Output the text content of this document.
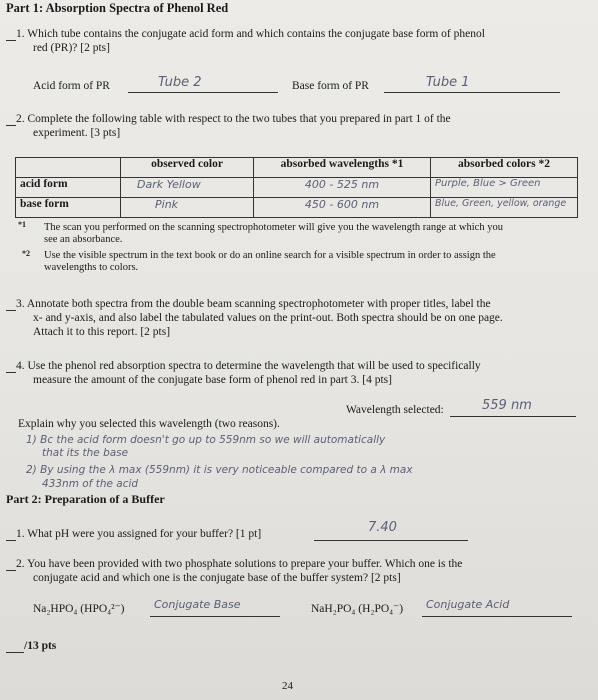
Part 1: Absorption Spectra of Phenol Red
1. Which tube contains the conjugate acid form and which contains the conjugate base form of phenol
red (PR)? [2 pts]
Acid form of PR	Tube 2	Base form of PR	Tube 1
2. Complete the following table with respect to the two tubes that you prepared in part 1 of the
experiment. [3 pts]
	observed color	absorbed wavelengths *1	absorbed colors *2
acid form	Dark Yellow	400 - 525 nm	Purple, Blue > Green
base form	Pink	450 - 600 nm	Blue, Green, yellow, orange
*1 The scan you performed on the scanning spectrophotometer will give you the wavelength range at which you
see an absorbance.
*2 Use the visible spectrum in the text book or do an online search for a visible spectrum in order to assign the
wavelengths to colors.
3. Annotate both spectra from the double beam scanning spectrophotometer with proper titles, label the
x- and y-axis, and also label the tabulated values on the print-out. Both spectra should be on one page.
Attach it to this report. [2 pts]
4. Use the phenol red absorption spectra to determine the wavelength that will be used to specifically
measure the amount of the conjugate base form of phenol red in part 3. [4 pts]
Wavelength selected:	559 nm
Explain why you selected this wavelength (two reasons).
1) Bc the acid form doesn't go up to 559nm so we will automatically
that its the base
2) By using the λ max (559nm) it is very noticeable compared to a λ max
433nm of the acid
Part 2: Preparation of a Buffer
1. What pH were you assigned for your buffer? [1 pt]	7.40
2. You have been provided with two phosphate solutions to prepare your buffer. Which one is the
conjugate acid and which one is the conjugate base of the buffer system? [2 pts]
Na₂HPO₄ (HPO₄²⁻)	Conjugate Base	NaH₂PO₄ (H₂PO₄⁻) Conjugate Acid
/13 pts
24
